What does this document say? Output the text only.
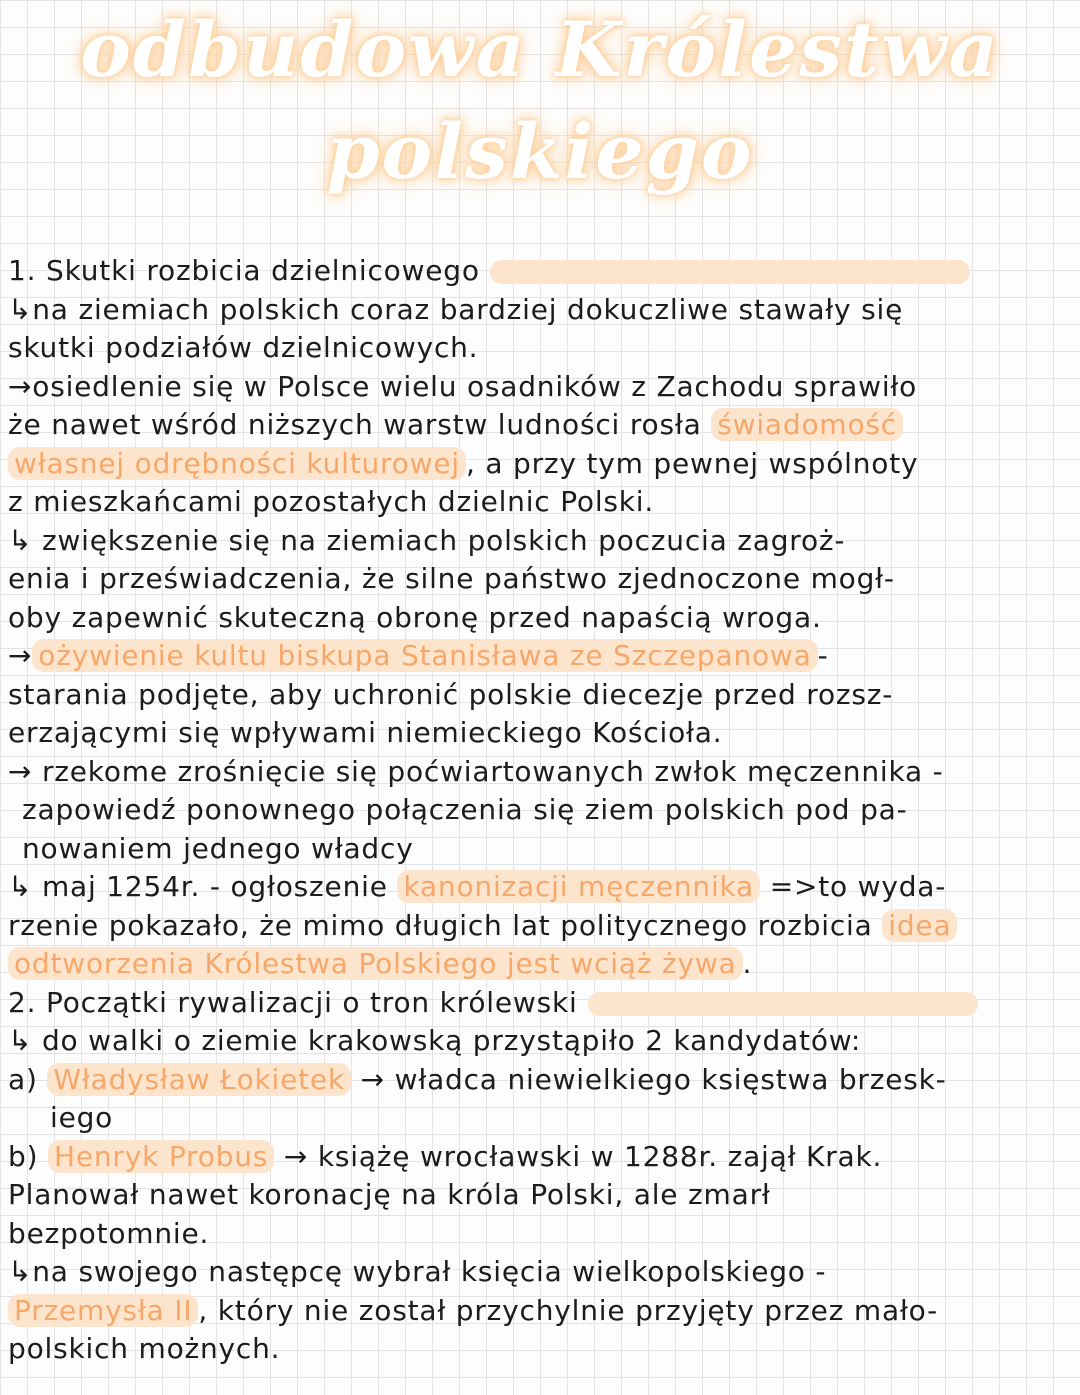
odbudowa Królestwa
polskiego
1. Skutki rozbicia dzielnicowego
↳na ziemiach polskich coraz bardziej dokuczliwe stawały się
skutki podziałów dzielnicowych.
→osiedlenie się w Polsce wielu osadników z Zachodu sprawiło
że nawet wśród niższych warstw ludności rosła świadomość
własnej odrębności kulturowej , a przy tym pewnej wspólnoty
z mieszkańcami pozostałych dzielnic Polski.
↳ zwiększenie się na ziemiach polskich poczucia zagroż-
enia i przeświadczenia, że silne państwo zjednoczone mogł-
oby zapewnić skuteczną obronę przed napaścią wroga.
→ ożywienie kultu biskupa Stanisława ze Szczepanowa -
starania podjęte, aby uchronić polskie diecezje przed rozsz-
erzającymi się wpływami niemieckiego Kościoła.
→ rzekome zrośnięcie się poćwiartowanych zwłok męczennika -
zapowiedź ponownego połączenia się ziem polskich pod pa-
nowaniem jednego władcy
↳ maj 1254r. - ogłoszenie kanonizacji męczennika =>to wyda-
rzenie pokazało, że mimo długich lat politycznego rozbicia idea
odtworzenia Królestwa Polskiego jest wciąż żywa .
2. Początki rywalizacji o tron królewski
↳ do walki o ziemie krakowską przystąpiło 2 kandydatów:
a) Władysław Łokietek → władca niewielkiego księstwa brzesk-
iego
b) Henryk Probus → książę wrocławski w 1288r. zajął Krak.
Planował nawet koronację na króla Polski, ale zmarł
bezpotomnie.
↳na swojego następcę wybrał księcia wielkopolskiego -
Przemysła II , który nie został przychylnie przyjęty przez mało-
polskich możnych.
